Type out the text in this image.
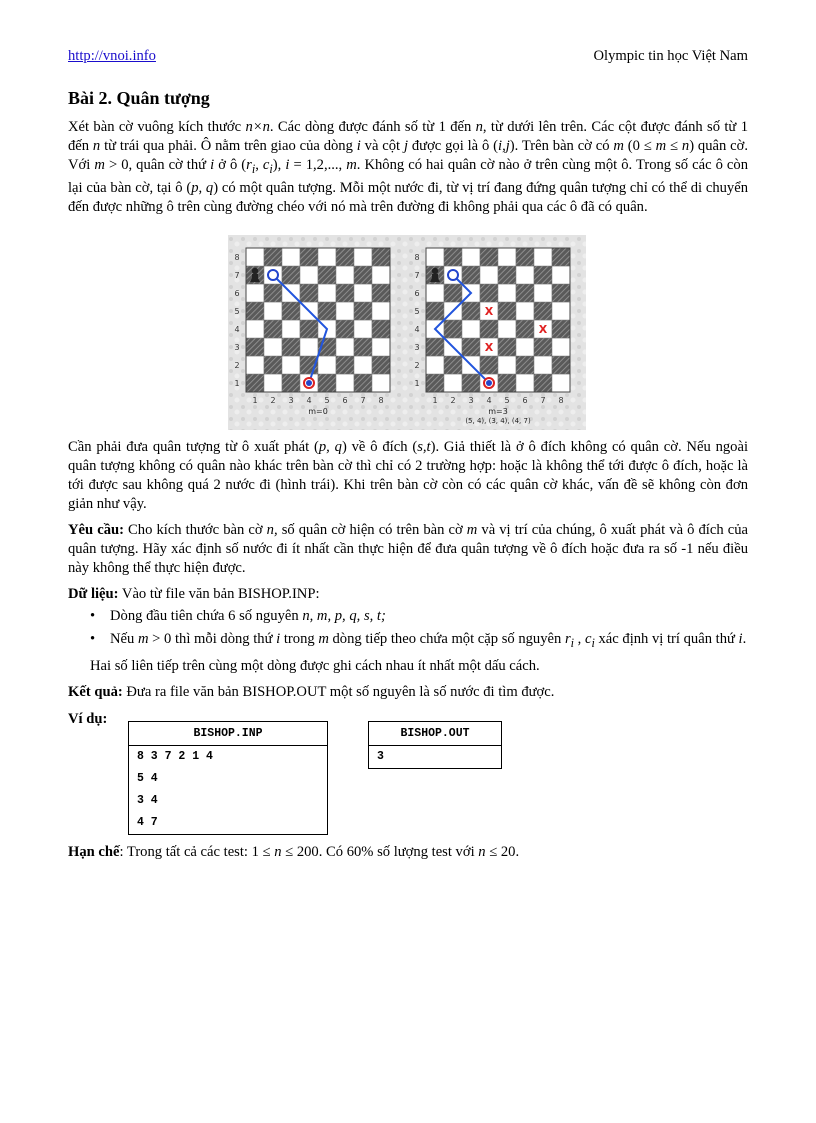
http://vnoi.info	Olympic tin học Việt Nam
Bài 2. Quân tượng

Xét bàn cờ vuông kích thước n×n. Các dòng được đánh số từ 1 đến n, từ dưới lên trên. Các cột được đánh số từ 1 đến n từ trái qua phải. Ô nằm trên giao của dòng i và cột j được gọi là ô (i,j). Trên bàn cờ có m (0 ≤ m ≤ n) quân cờ. Với m > 0, quân cờ thứ i ở ô ($r_i$, $c_i$), i = 1,2,..., m. Không có hai quân cờ nào ở trên cùng một ô. Trong số các ô còn lại của bàn cờ, tại ô (p, q) có một quân tượng. Mỗi một nước đi, từ vị trí đang đứng quân tượng chỉ có thể di chuyển đến được những ô trên cùng đường chéo với nó mà trên đường đi không phải qua các ô đã có quân.

8
7
6
5
4
3
2
1
1 2 3 4 5 6 7 8
m=0
8
7
6
5
4
3
2
1
1 2 3 4 5 6 7 8
X
X
X
m=3
(5, 4), (3, 4), (4, 7)

Cần phải đưa quân tượng từ ô xuất phát (p, q) về ô đích (s,t). Giả thiết là ở ô đích không có quân cờ. Nếu ngoài quân tượng không có quân nào khác trên bàn cờ thì chỉ có 2 trường hợp: hoặc là không thể tới được ô đích, hoặc là tới được sau không quá 2 nước đi (hình trái). Khi trên bàn cờ còn có các quân cờ khác, vấn đề sẽ không còn đơn giản như vậy.

Yêu cầu: Cho kích thước bàn cờ n, số quân cờ hiện có trên bàn cờ m và vị trí của chúng, ô xuất phát và ô đích của quân tượng. Hãy xác định số nước đi ít nhất cần thực hiện để đưa quân tượng về ô đích hoặc đưa ra số -1 nếu điều này không thể thực hiện được.

Dữ liệu: Vào từ file văn bản BISHOP.INP:

• Dòng đầu tiên chứa 6 số nguyên n, m, p, q, s, t;
• Nếu m > 0 thì mỗi dòng thứ i trong m dòng tiếp theo chứa một cặp số nguyên $r_i$ , $c_i$ xác định vị trí quân thứ i.
Hai số liên tiếp trên cùng một dòng được ghi cách nhau ít nhất một dấu cách.

Kết quả: Đưa ra file văn bản BISHOP.OUT một số nguyên là số nước đi tìm được.

Ví dụ:
BISHOP.INP
8 3 7 2 1 4
5 4
3 4
4 7
BISHOP.OUT
3

Hạn chế: Trong tất cả các test: 1 ≤ n ≤ 200. Có 60% số lượng test với n ≤ 20.
